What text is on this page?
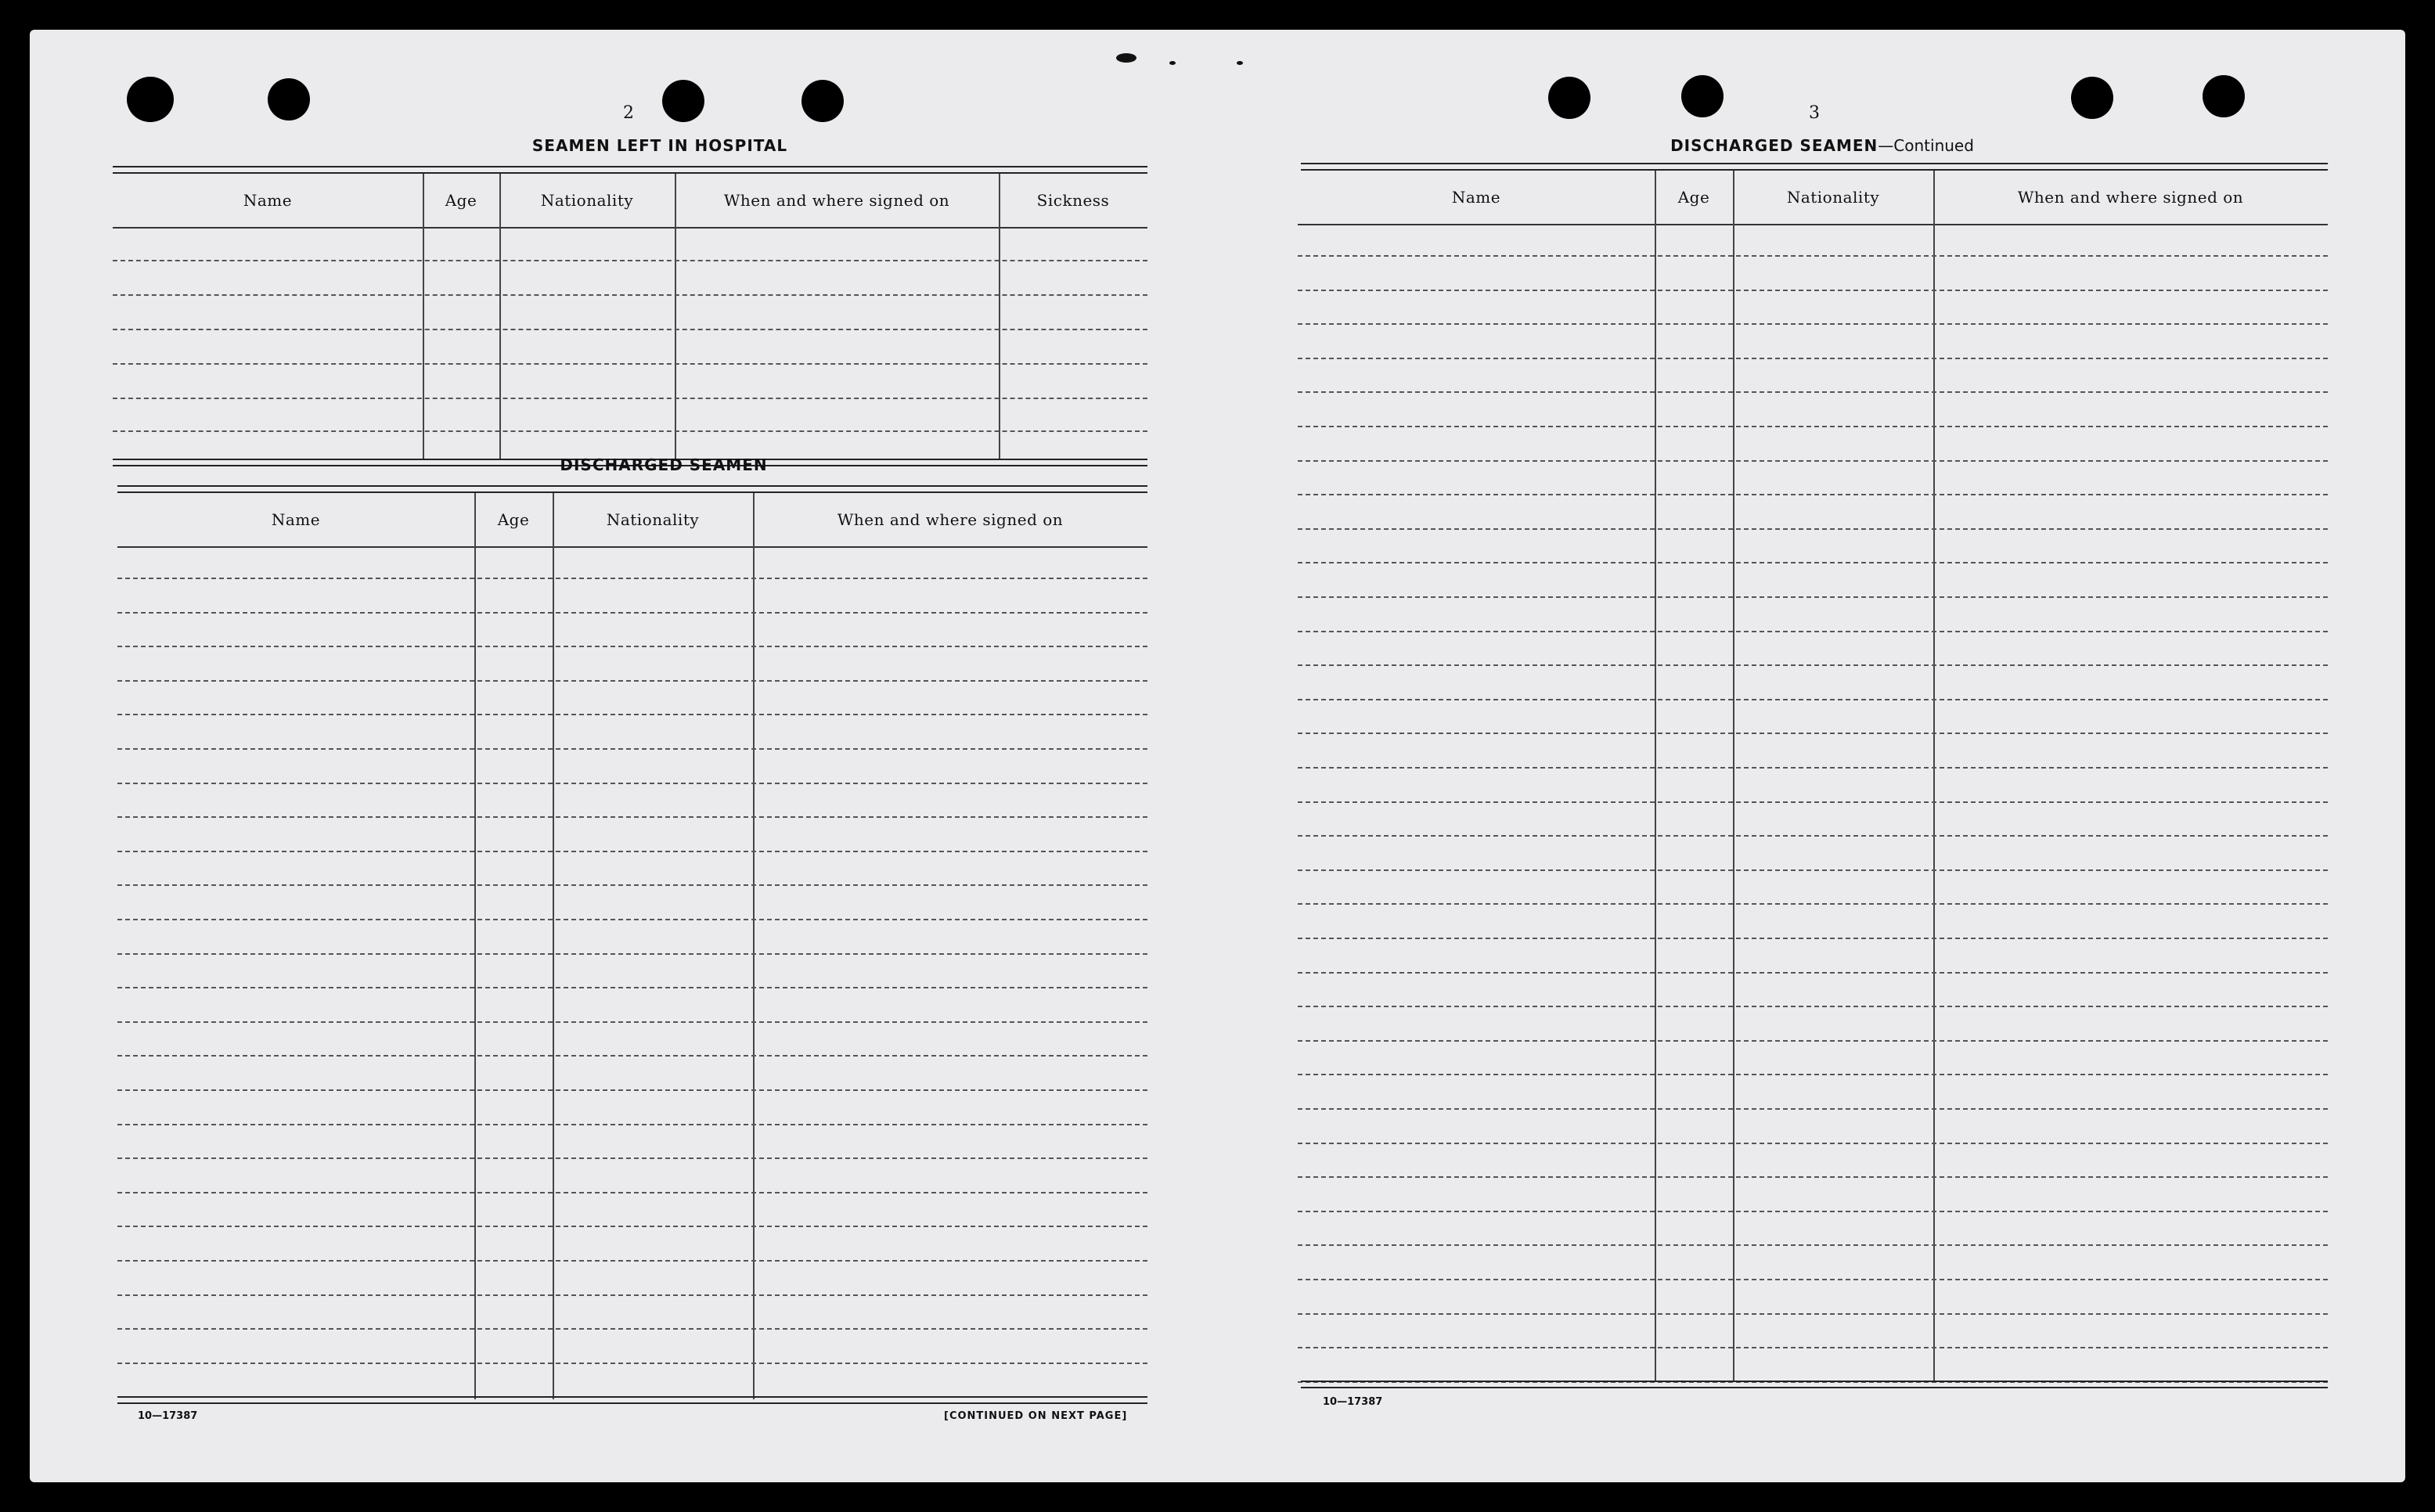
2
SEAMEN LEFT IN HOSPITAL
Name	Age	Nationality	When and where signed on	Sickness
DISCHARGED SEAMEN
Name	Age	Nationality	When and where signed on
10—17387	[CONTINUED ON NEXT PAGE]
3
DISCHARGED SEAMEN—Continued
Name	Age	Nationality	When and where signed on
10—17387
